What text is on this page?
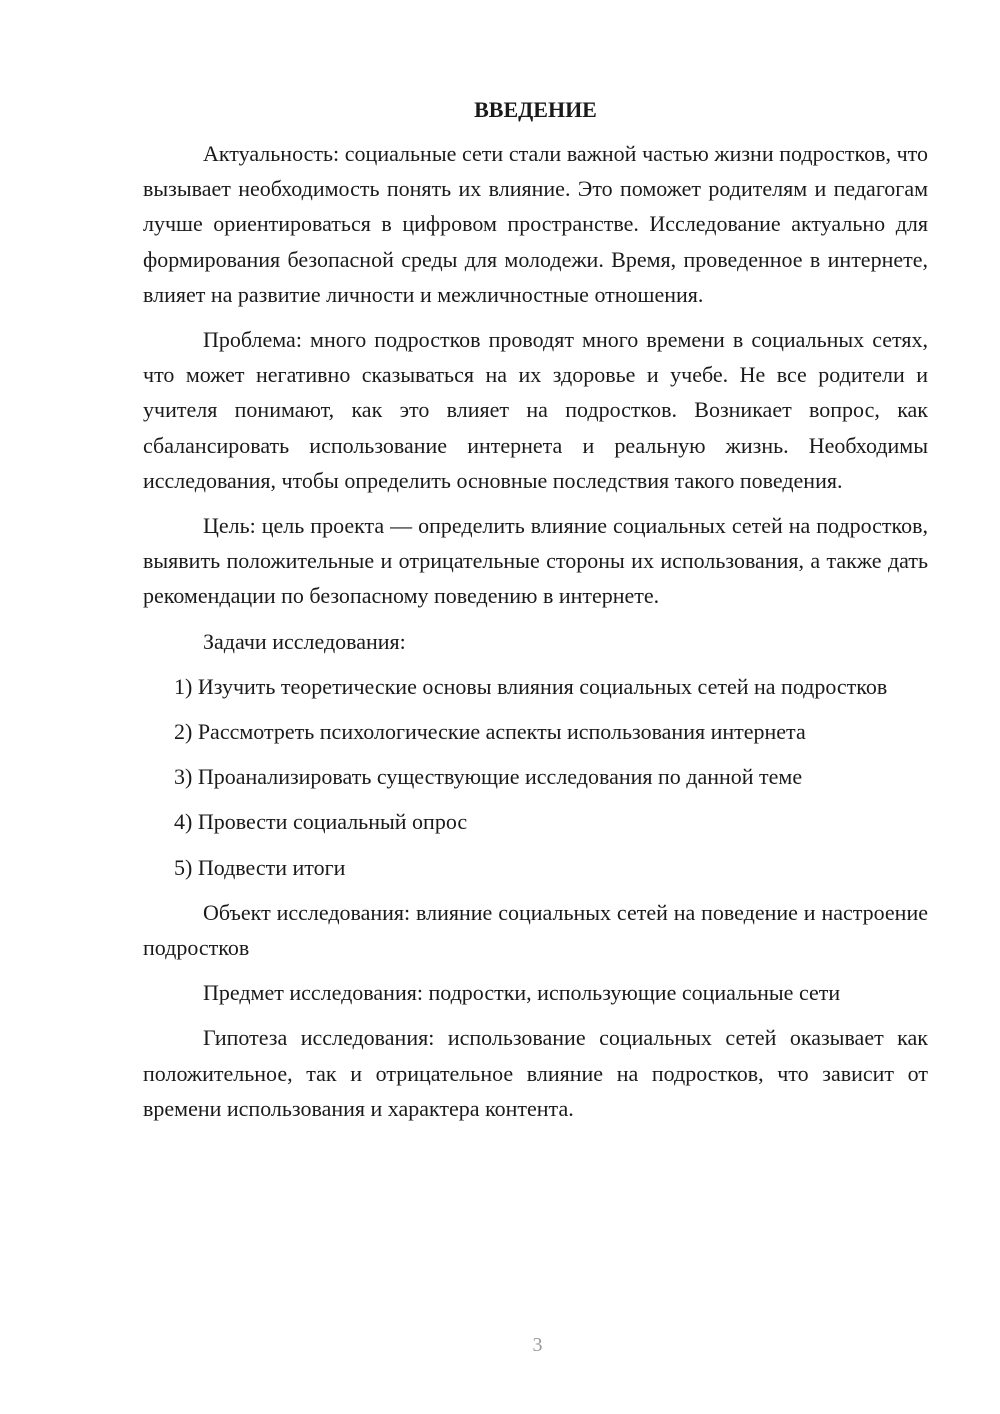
ВВЕДЕНИЕ

Актуальность: социальные сети стали важной частью жизни подростков, что вызывает необходимость понять их влияние. Это поможет родителям и педагогам лучше ориентироваться в цифровом пространстве. Исследование актуально для формирования безопасной среды для молодежи. Время, проведенное в интернете, влияет на развитие личности и межличностные отношения.

Проблема: много подростков проводят много времени в социальных сетях, что может негативно сказываться на их здоровье и учебе. Не все родители и учителя понимают, как это влияет на подростков. Возникает вопрос, как сбалансировать использование интернета и реальную жизнь. Необходимы исследования, чтобы определить основные последствия такого поведения.

Цель: цель проекта — определить влияние социальных сетей на подростков, выявить положительные и отрицательные стороны их использования, а также дать рекомендации по безопасному поведению в интернете.

Задачи исследования:

1) Изучить теоретические основы влияния социальных сетей на подростков

2) Рассмотреть психологические аспекты использования интернета

3) Проанализировать существующие исследования по данной теме

4) Провести социальный опрос

5) Подвести итоги

Объект исследования: влияние социальных сетей на поведение и настроение подростков

Предмет исследования: подростки, использующие социальные сети

Гипотеза исследования: использование социальных сетей оказывает как положительное, так и отрицательное влияние на подростков, что зависит от времени использования и характера контента.

3
